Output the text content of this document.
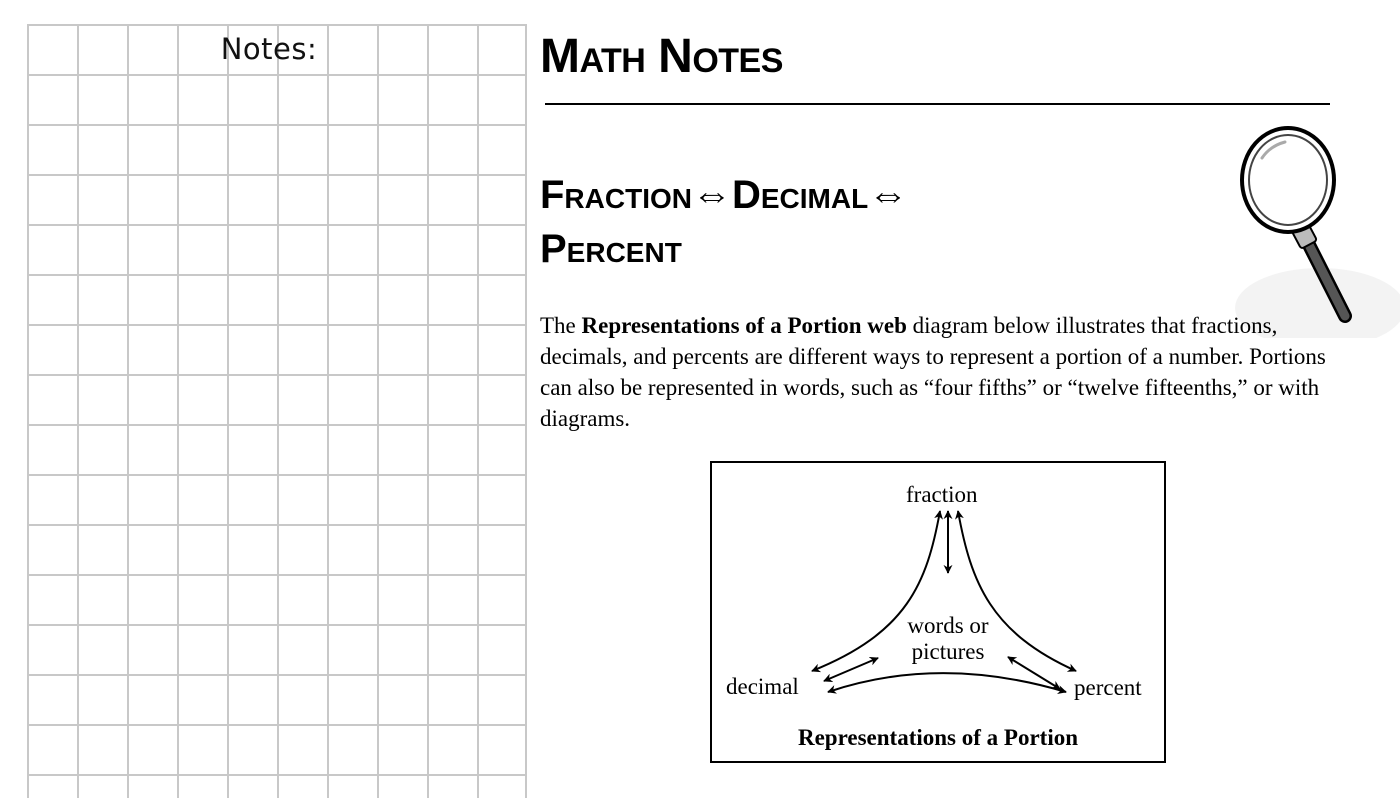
Notes:	Math Notes
Fraction⇔Decimal⇔
Percent

The Representations of a Portion web diagram below illustrates that fractions, decimals, and percents are different ways to represent a portion of a number. Portions can also be represented in words, such as “four fifths” or “twelve fifteenths,” or with diagrams.

fraction
decimal	percent
words or
pictures
Representations of a Portion
